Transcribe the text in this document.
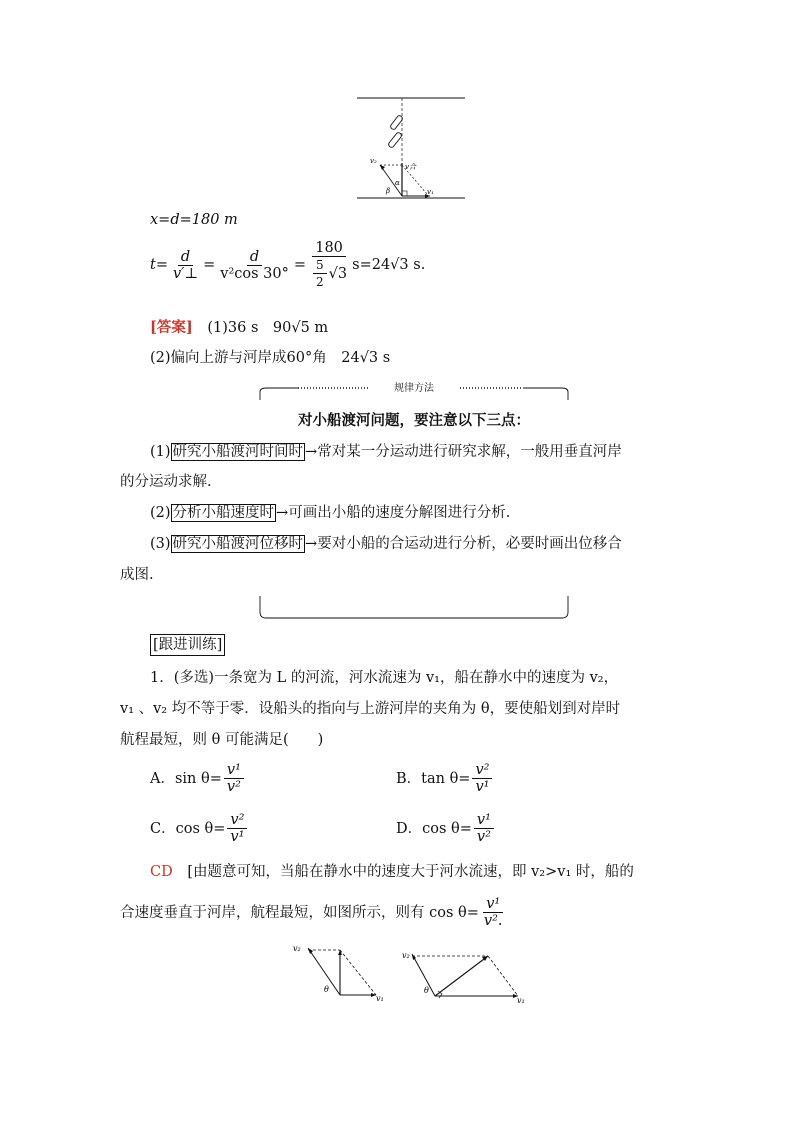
v₂
v合
α
β	v₁
x=d=180 m
$t= \frac{d}{v'\perp} = \frac{d}{\text{v²cos 30°}} = \frac{180}{\frac{5}{2} √3} s=24√3$ s.
[答案] (1)36 s　90√5 m
(2)偏向上游与河岸成60°角　24√3 s
规律方法
对小船渡河问题，要注意以下三点：
(1) 研究小船渡河时间时 →常对某一分运动进行研究求解，一般用垂直河岸
的分运动求解.
(2) 分析小船速度时 →可画出小船的速度分解图进行分析.
(3) 研究小船渡河位移时 →要对小船的合运动进行分析，必要时画出位移合
成图.
[跟进训练]
1．(多选)一条宽为 L 的河流，河水流速为 v₁，船在静水中的速度为 v₂，
v₁ 、v₂ 均不等于零．设船头的指向与上游河岸的夹角为 θ，要使船划到对岸时
航程最短，则 θ 可能满足(　　)
A．$\sin \theta= \frac{\text{v¹}}{\text{v²}}$	B．$\tan \theta= \frac{\text{v²}}{\text{v¹}}$
C．$\cos \theta= \frac{\text{v²}}{\text{v¹}}$	D．$\cos \theta= \frac{\text{v¹}}{\text{v²}}$
CD [由题意可知，当船在静水中的速度大于河水流速，即 v₂>v₁ 时，船的
合速度垂直于河岸，航程最短，如图所示，则有 $\cos \theta= \frac{\text{v¹}}{\text{v².}}$
v₂
θ
v₁
v₂
θ
v₁
